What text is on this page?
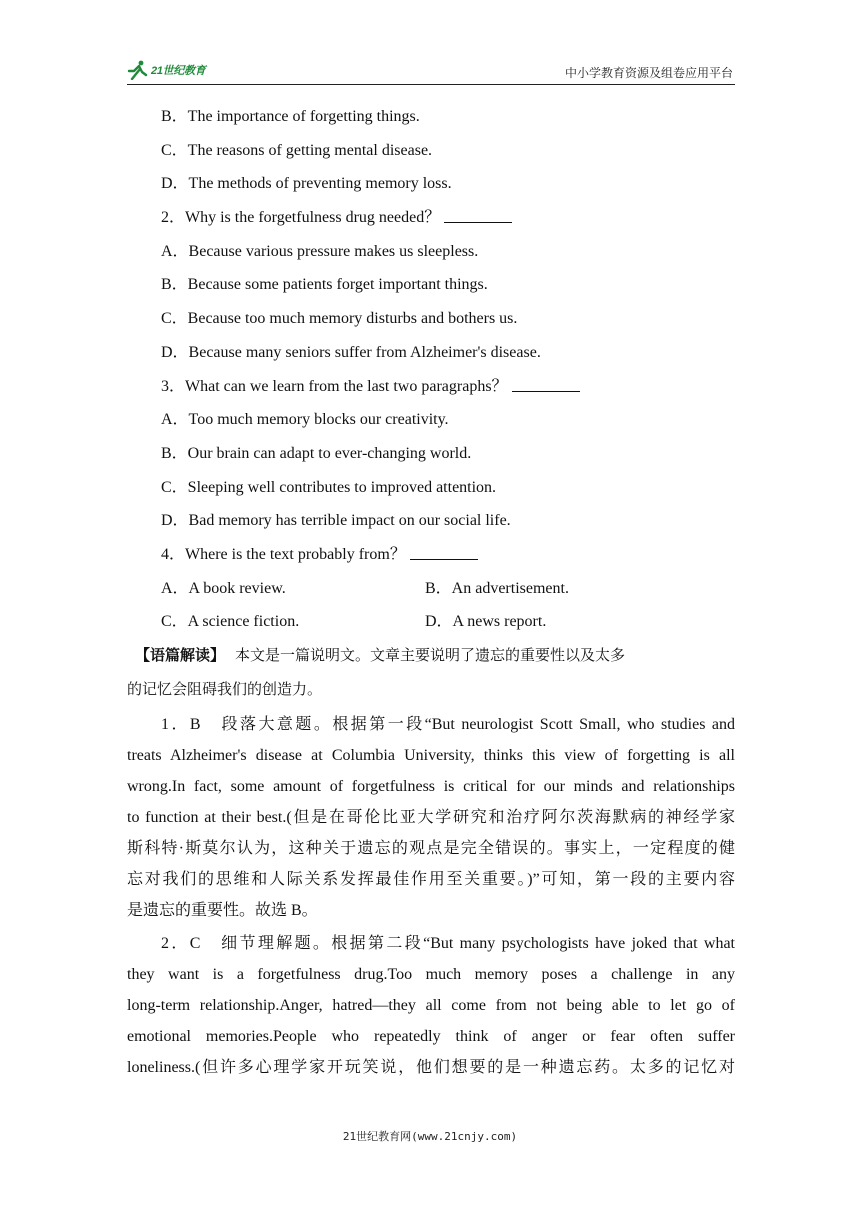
21世纪教育	中小学教育资源及组卷应用平台
B．The importance of forgetting things.
C．The reasons of getting mental disease.
D．The methods of preventing memory loss.
2．Why is the forgetfulness drug needed？
A．Because various pressure makes us sleepless.
B．Because some patients forget important things.
C．Because too much memory disturbs and bothers us.
D．Because many seniors suffer from Alzheimer's disease.
3．What can we learn from the last two paragraphs？
A．Too much memory blocks our creativity.
B．Our brain can adapt to ever-changing world.
C．Sleeping well contributes to improved attention.
D．Bad memory has terrible impact on our social life.
4．Where is the text probably from？
A．A book review.	B．An advertisement.
C．A science fiction.	D．A news report.
【语篇解读】 本文是一篇说明文。文章主要说明了遗忘的重要性以及太多
的记忆会阻碍我们的创造力。
1．B　段落大意题。根据第一段“But neurologist Scott Small, who studies and
treats Alzheimer's disease at Columbia University, thinks this view of forgetting is all
wrong.In fact, some amount of forgetfulness is critical for our minds and relationships
to function at their best.(但是在哥伦比亚大学研究和治疗阿尔茨海默病的神经学家
斯科特·斯莫尔认为，这种关于遗忘的观点是完全错误的。事实上，一定程度的健
忘对我们的思维和人际关系发挥最佳作用至关重要。)”可知，第一段的主要内容
是遗忘的重要性。故选 B。
2．C　细节理解题。根据第二段“But many psychologists have joked that what
they want is a forgetfulness drug.Too much memory poses a challenge in any
long-term relationship.Anger, hatred—they all come from not being able to let go of
emotional memories.People who repeatedly think of anger or fear often suffer
loneliness.(但许多心理学家开玩笑说，他们想要的是一种遗忘药。太多的记忆对
21世纪教育网(www.21cnjy.com)
